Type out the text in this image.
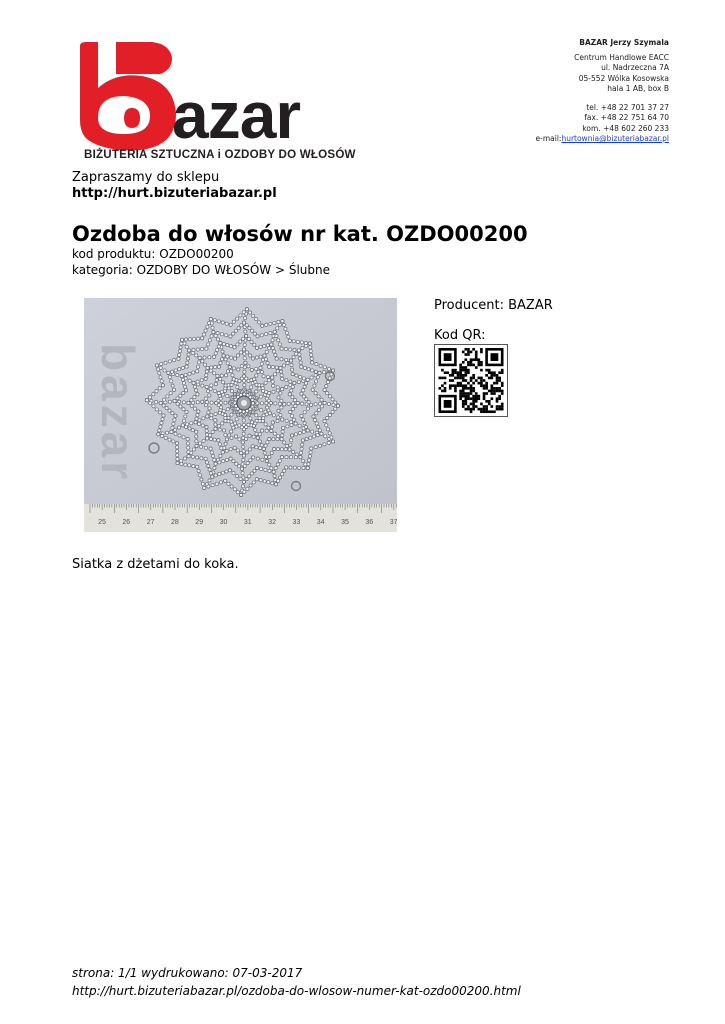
azar
BIŻUTERIA SZTUCZNA i OZDOBY DO WŁOSÓW
BAZAR Jerzy Szymala
Centrum Handlowe EACC
ul. Nadrzeczna 7A
05-552 Wólka Kosowska
hala 1 AB, box B
tel. +48 22 701 37 27
fax. +48 22 751 64 70
kom. +48 602 260 233
e-mail:hurtownia@bizuteriabazar.pl
Zapraszamy do sklepu
http://hurt.bizuteriabazar.pl
Ozdoba do włosów nr kat. OZDO00200
kod produktu: OZDO00200
kategoria: OZDOBY DO WŁOSÓW > Ślubne
bazar
25 26 27 28 29 30 31 32 33 34 35 36 37
Producent: BAZAR
Kod QR:
Siatka z dżetami do koka.
strona: 1/1 wydrukowano: 07-03-2017
http://hurt.bizuteriabazar.pl/ozdoba-do-wlosow-numer-kat-ozdo00200.html
